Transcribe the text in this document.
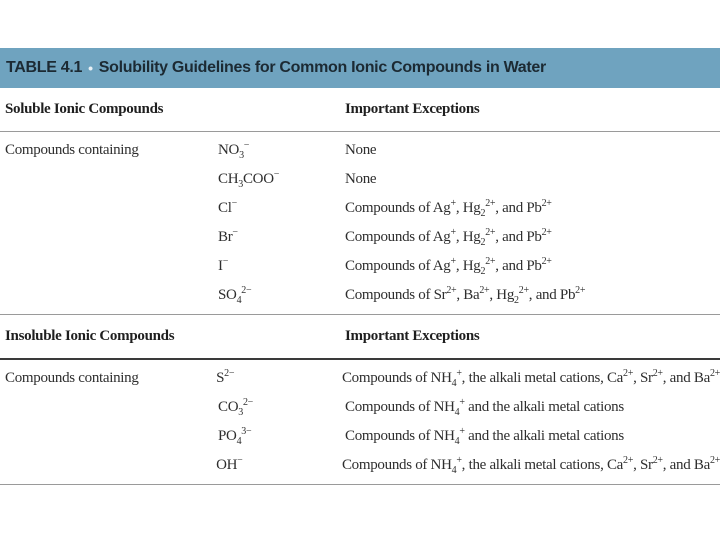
TABLE 4.1 • Solubility Guidelines for Common Ionic Compounds in Water
Soluble Ionic Compounds	Important Exceptions
Compounds containing	$NO_3^-$	None
$CH_3COO^-$	None
Cl−	Compounds of Ag+, $Hg_2^{2+}$, and $Pb^{2+}$
Br−	Compounds of Ag+, $Hg_2^{2+}$, and $Pb^{2+}$
I−	Compounds of Ag+, $Hg_2^{2+}$, and $Pb^{2+}$
$SO_4^{2-}$	Compounds of $Sr^{2+}$, $Ba^{2+}$, $Hg_2^{2+}$, and $Pb^{2+}$
Insoluble Ionic Compounds	Important Exceptions
Compounds containing	$S^{2-}$	Compounds of $NH_4^+$, the alkali metal cations, $Ca^{2+}$, $Sr^{2+}$, and $Ba^{2+}$
$CO_3^{2-}$	Compounds of $NH_4^+$ and the alkali metal cations
$PO_4^{3-}$	Compounds of $NH_4^+$ and the alkali metal cations
OH−	Compounds of $NH_4^+$, the alkali metal cations, $Ca^{2+}$, $Sr^{2+}$, and $Ba^{2+}$
